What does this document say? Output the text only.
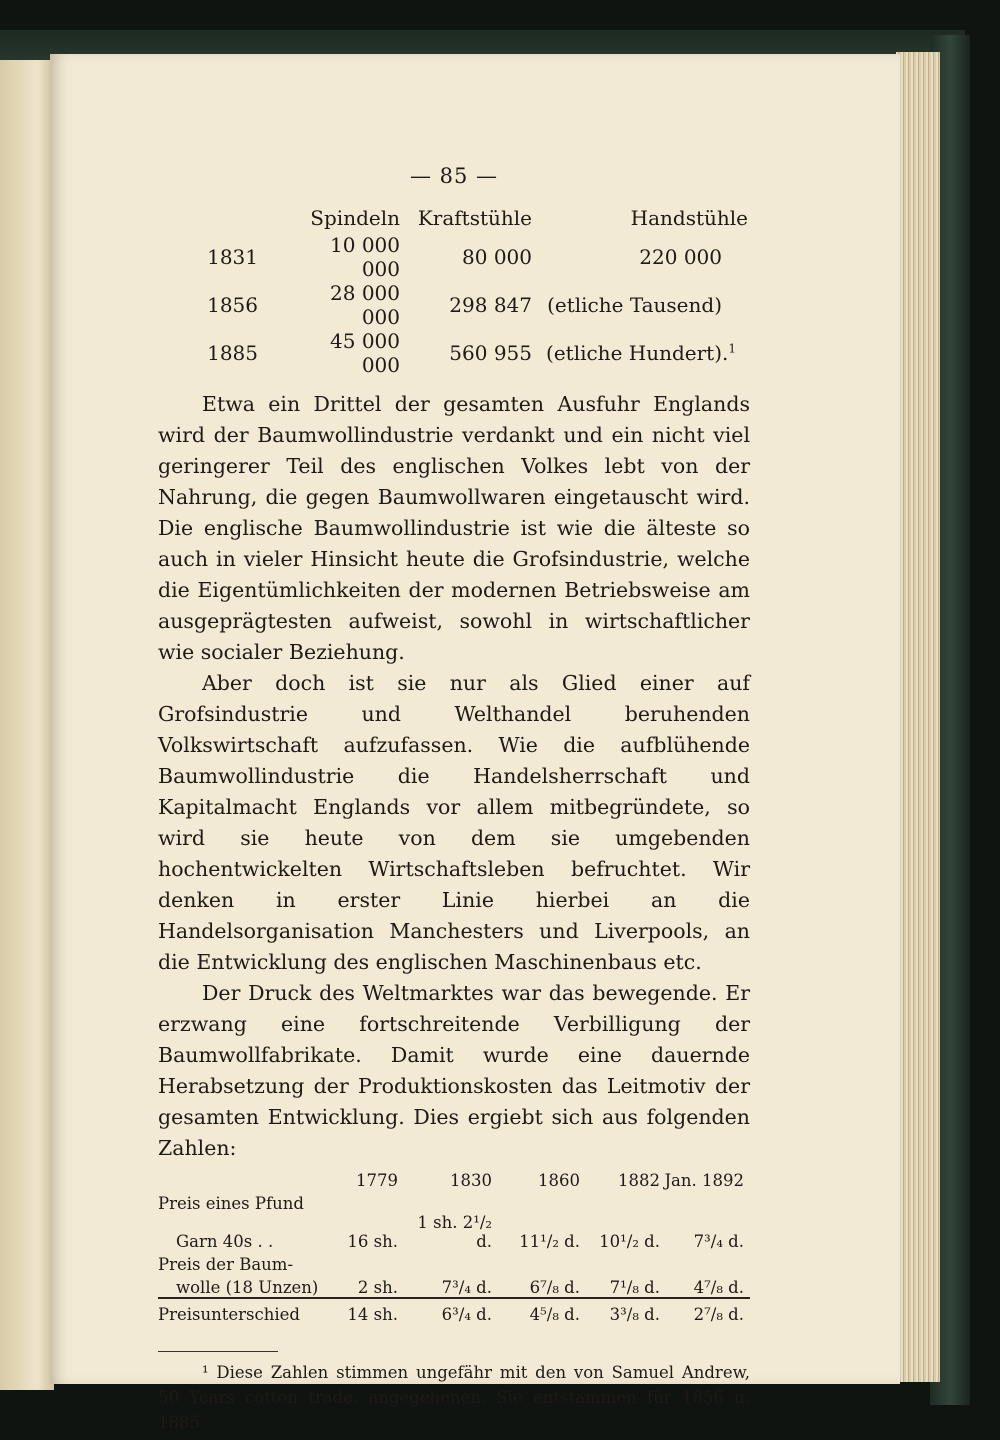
— 85 —
	Spindeln	Kraftstühle	Handstühle
1831	10 000 000	80 000	220 000
1856	28 000 000	298 847	(etliche Tausend)
1885	45 000 000	560 955	(etliche Hundert).$^1$

Etwa ein Drittel der gesamten Ausfuhr Englands wird der Baumwollindustrie verdankt und ein nicht viel geringerer Teil des englischen Volkes lebt von der Nahrung, die gegen Baumwollwaren eingetauscht wird. Die englische Baumwollindustrie ist wie die älteste so auch in vieler Hinsicht heute die Grofsindustrie, welche die Eigentümlichkeiten der modernen Betriebsweise am ausgeprägtesten aufweist, sowohl in wirtschaftlicher wie socialer Beziehung.

Aber doch ist sie nur als Glied einer auf Grofsindustrie und Welthandel beruhenden Volkswirtschaft aufzufassen. Wie die aufblühende Baumwollindustrie die Handelsherrschaft und Kapitalmacht Englands vor allem mitbegründete, so wird sie heute von dem sie umgebenden hochentwickelten Wirtschaftsleben befruchtet. Wir denken in erster Linie hierbei an die Handelsorganisation Manchesters und Liverpools, an die Entwicklung des englischen Maschinenbaus etc.

Der Druck des Weltmarktes war das bewegende. Er erzwang eine fortschreitende Verbilligung der Baumwollfabrikate. Damit wurde eine dauernde Herabsetzung der Produktionskosten das Leitmotiv der gesamten Entwicklung. Dies ergiebt sich aus folgenden Zahlen:

	1779	1830	1860	1882	Jan. 1892
Preis eines Pfund					
Garn 40s . .	16 sh.	1 sh. 2¹/₂ d.	11¹/₂ d.	10¹/₂ d.	7³/₄ d.
Preis der Baum-					
wolle (18 Unzen)	2 sh.	7³/₄ d.	6⁷/₈ d.	7¹/₈ d.	4⁷/₈ d.
Preisunterschied	14 sh.	6³/₄ d.	4⁵/₈ d.	3³/₈ d.	2⁷/₈ d.

¹ Diese Zahlen stimmen ungefähr mit den von Samuel Andrew, 50 Years cotton trade, angegebenen. Sie entstammen für 1856 u. 1885
